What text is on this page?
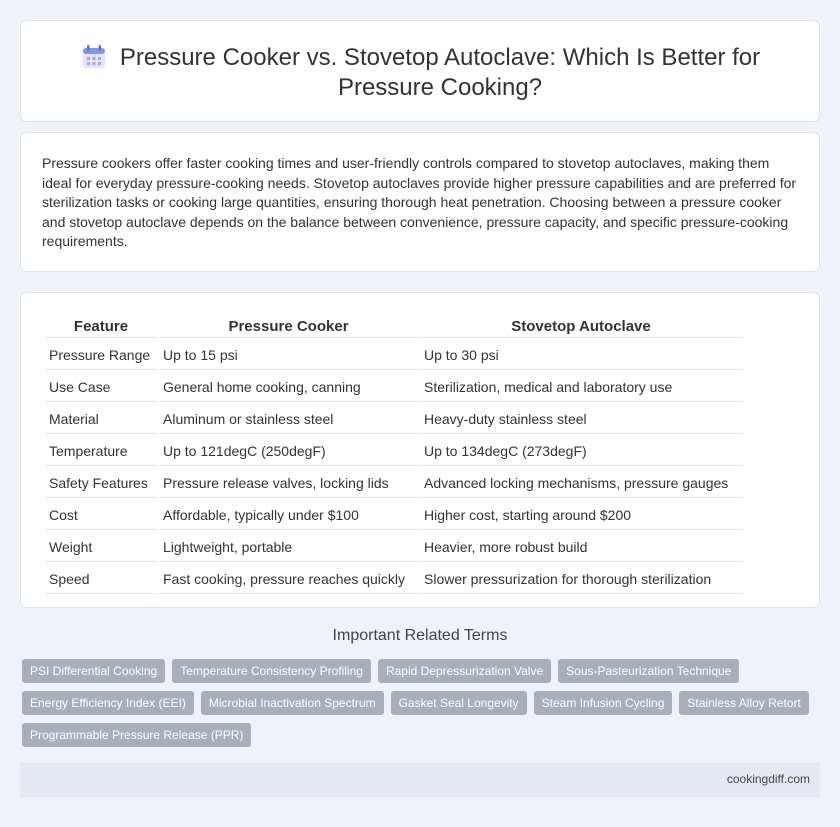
Pressure Cooker vs. Stovetop Autoclave: Which Is Better for Pressure Cooking?

Pressure cookers offer faster cooking times and user-friendly controls compared to stovetop autoclaves, making them ideal for everyday pressure-cooking needs. Stovetop autoclaves provide higher pressure capabilities and are preferred for sterilization tasks or cooking large quantities, ensuring thorough heat penetration. Choosing between a pressure cooker and stovetop autoclave depends on the balance between convenience, pressure capacity, and specific pressure-cooking requirements.

Feature	Pressure Cooker	Stovetop Autoclave
Pressure Range	Up to 15 psi	Up to 30 psi
Use Case	General home cooking, canning	Sterilization, medical and laboratory use
Material	Aluminum or stainless steel	Heavy-duty stainless steel
Temperature	Up to 121degC (250degF)	Up to 134degC (273degF)
Safety Features	Pressure release valves, locking lids	Advanced locking mechanisms, pressure gauges
Cost	Affordable, typically under $100	Higher cost, starting around $200
Weight	Lightweight, portable	Heavier, more robust build
Speed	Fast cooking, pressure reaches quickly	Slower pressurization for thorough sterilization
Important Related Terms
PSI Differential Cooking	Temperature Consistency Profiling	Rapid Depressurization Valve	Sous-Pasteurization Technique
Energy Efficiency Index (EEI)	Microbial Inactivation Spectrum	Gasket Seal Longevity	Steam Infusion Cycling	Stainless Alloy Retort
Programmable Pressure Release (PPR)
cookingdiff.com
